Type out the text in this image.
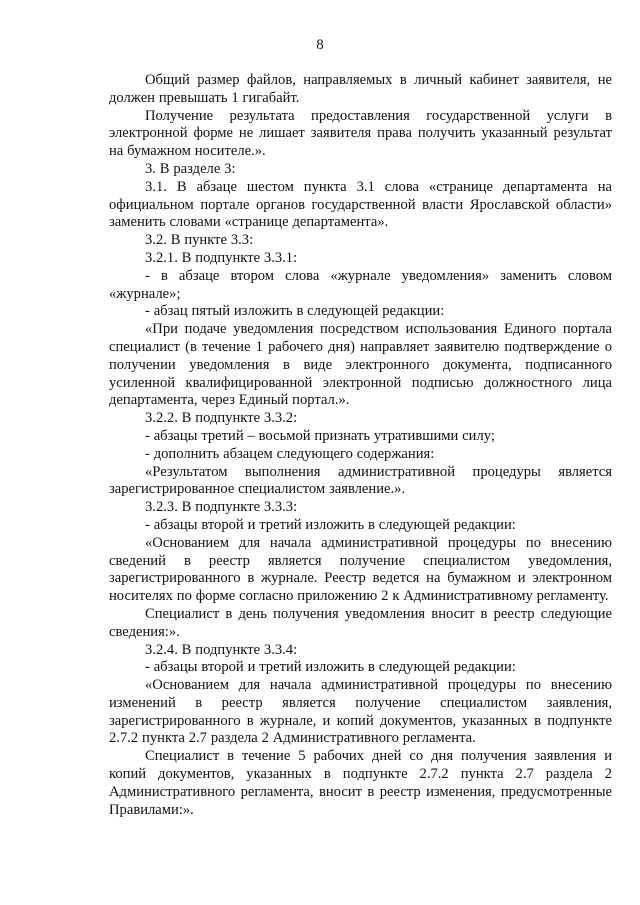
8

Общий размер файлов, направляемых в личный кабинет заявителя, не должен превышать 1 гигабайт.

Получение результата предоставления государственной услуги в электронной форме не лишает заявителя права получить указанный результат на бумажном носителе.».

3. В разделе 3:

3.1. В абзаце шестом пункта 3.1 слова «странице департамента на официальном портале органов государственной власти Ярославской области» заменить словами «странице департамента».

3.2. В пункте 3.3:

3.2.1. В подпункте 3.3.1:

- в абзаце втором слова «журнале уведомления» заменить словом «журнале»;

- абзац пятый изложить в следующей редакции:

«При подаче уведомления посредством использования Единого портала специалист (в течение 1 рабочего дня) направляет заявителю подтверждение о получении уведомления в виде электронного документа, подписанного усиленной квалифицированной электронной подписью должностного лица департамента, через Единый портал.».

3.2.2. В подпункте 3.3.2:

- абзацы третий – восьмой признать утратившими силу;

- дополнить абзацем следующего содержания:

«Результатом выполнения административной процедуры является зарегистрированное специалистом заявление.».

3.2.3. В подпункте 3.3.3:

- абзацы второй и третий изложить в следующей редакции:

«Основанием для начала административной процедуры по внесению сведений в реестр является получение специалистом уведомления, зарегистрированного в журнале. Реестр ведется на бумажном и электронном носителях по форме согласно приложению 2 к Административному регламенту.

Специалист в день получения уведомления вносит в реестр следующие сведения:».

3.2.4. В подпункте 3.3.4:

- абзацы второй и третий изложить в следующей редакции:

«Основанием для начала административной процедуры по внесению изменений в реестр является получение специалистом заявления, зарегистрированного в журнале, и копий документов, указанных в подпункте 2.7.2 пункта 2.7 раздела 2 Административного регламента.

Специалист в течение 5 рабочих дней со дня получения заявления и копий документов, указанных в подпункте 2.7.2 пункта 2.7 раздела 2 Административного регламента, вносит в реестр изменения, предусмотренные Правилами:».
